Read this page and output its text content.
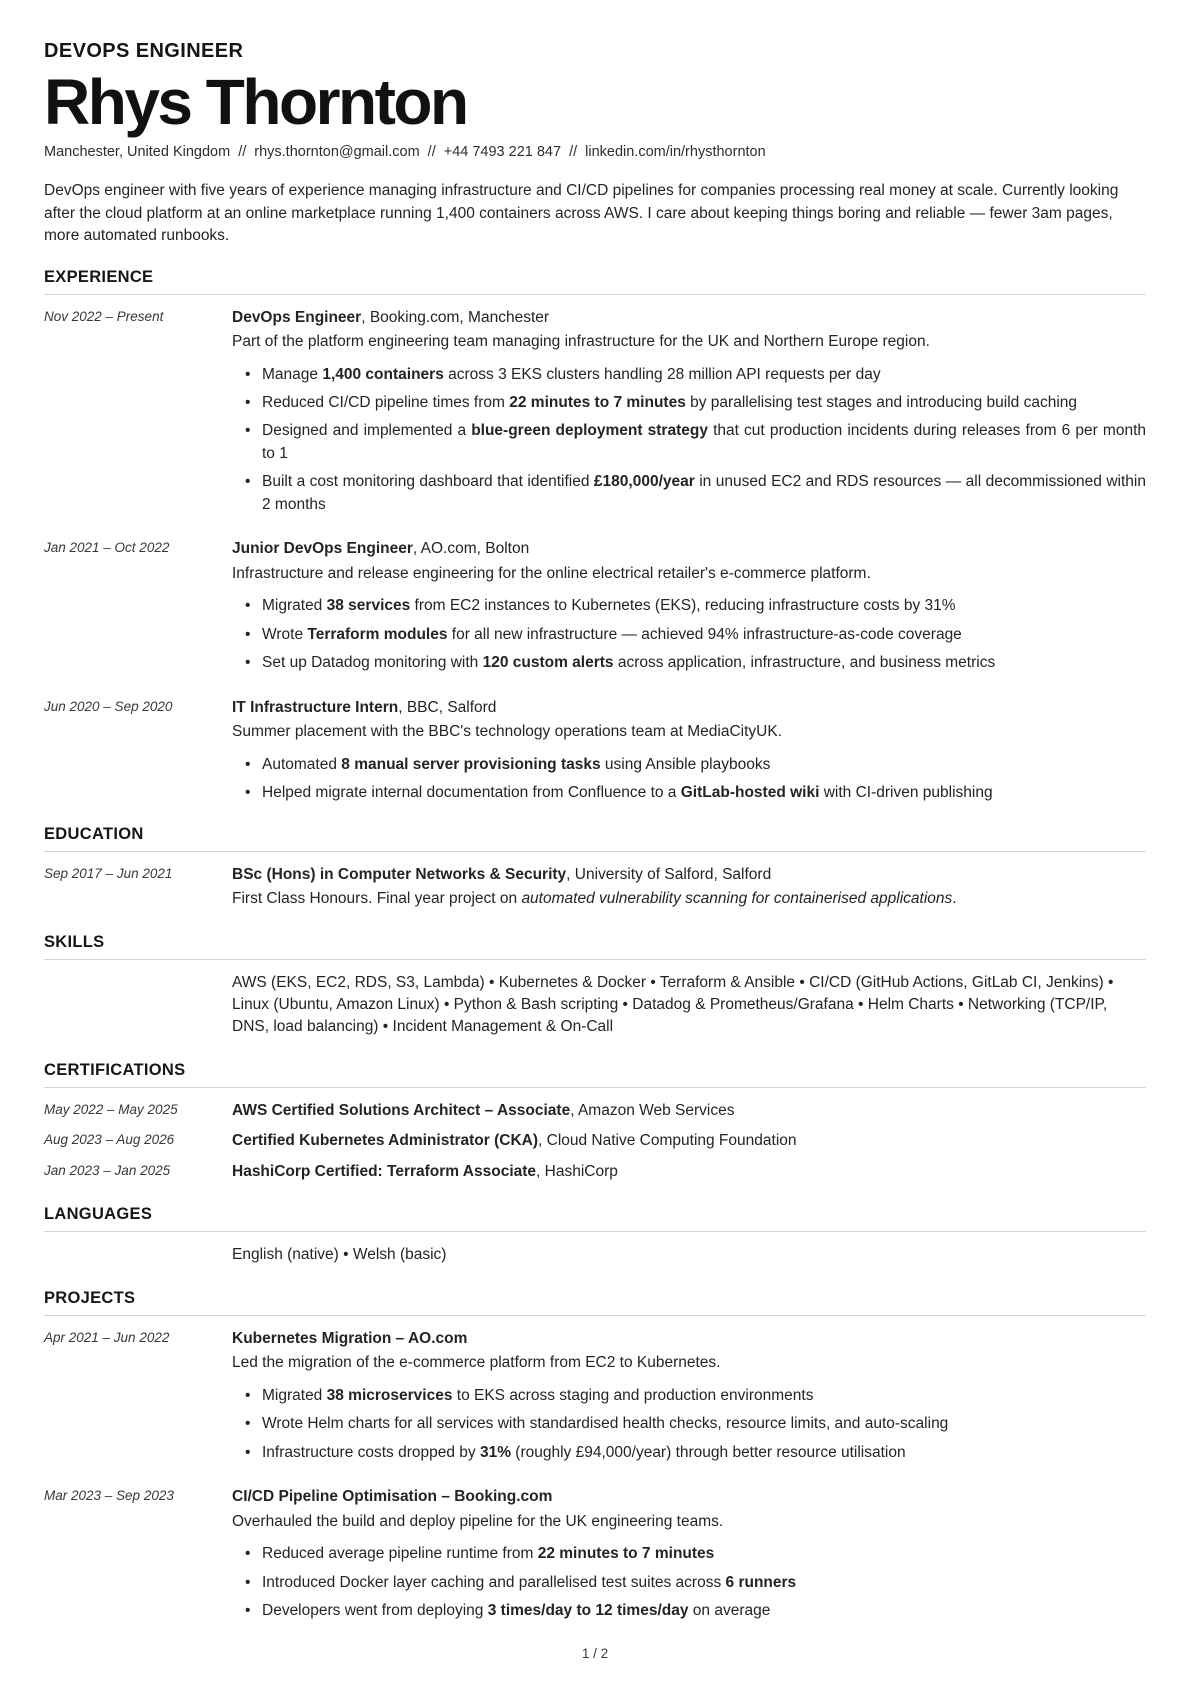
DEVOPS ENGINEER
Rhys Thornton
Manchester, United Kingdom // rhys.thornton@gmail.com // +44 7493 221 847 // linkedin.com/in/rhysthornton

DevOps engineer with five years of experience managing infrastructure and CI/CD pipelines for companies processing real money at scale. Currently looking after the cloud platform at an online marketplace running 1,400 containers across AWS. I care about keeping things boring and reliable — fewer 3am pages, more automated runbooks.

EXPERIENCE
Nov 2022 – Present	DevOps Engineer, Booking.com, Manchester
Part of the platform engineering team managing infrastructure for the UK and Northern Europe region.
• Manage 1,400 containers across 3 EKS clusters handling 28 million API requests per day
• Reduced CI/CD pipeline times from 22 minutes to 7 minutes by parallelising test stages and introducing build caching
• Designed and implemented a blue-green deployment strategy that cut production incidents during releases from 6 per month to 1
• Built a cost monitoring dashboard that identified £180,000/year in unused EC2 and RDS resources — all decommissioned within 2 months
Jan 2021 – Oct 2022	Junior DevOps Engineer, AO.com, Bolton
Infrastructure and release engineering for the online electrical retailer's e-commerce platform.
• Migrated 38 services from EC2 instances to Kubernetes (EKS), reducing infrastructure costs by 31%
• Wrote Terraform modules for all new infrastructure — achieved 94% infrastructure-as-code coverage
• Set up Datadog monitoring with 120 custom alerts across application, infrastructure, and business metrics
Jun 2020 – Sep 2020	IT Infrastructure Intern, BBC, Salford
Summer placement with the BBC's technology operations team at MediaCityUK.
• Automated 8 manual server provisioning tasks using Ansible playbooks
• Helped migrate internal documentation from Confluence to a GitLab-hosted wiki with CI-driven publishing
EDUCATION
Sep 2017 – Jun 2021	BSc (Hons) in Computer Networks & Security, University of Salford, Salford
First Class Honours. Final year project on automated vulnerability scanning for containerised applications.
SKILLS
AWS (EKS, EC2, RDS, S3, Lambda) • Kubernetes & Docker • Terraform & Ansible • CI/CD (GitHub Actions, GitLab CI, Jenkins) • Linux (Ubuntu, Amazon Linux) • Python & Bash scripting • Datadog & Prometheus/Grafana • Helm Charts • Networking (TCP/IP, DNS, load balancing) • Incident Management & On-Call
CERTIFICATIONS
May 2022 – May 2025	AWS Certified Solutions Architect – Associate, Amazon Web Services
Aug 2023 – Aug 2026	Certified Kubernetes Administrator (CKA), Cloud Native Computing Foundation
Jan 2023 – Jan 2025	HashiCorp Certified: Terraform Associate, HashiCorp
LANGUAGES
English (native) • Welsh (basic)
PROJECTS
Apr 2021 – Jun 2022	Kubernetes Migration – AO.com
Led the migration of the e-commerce platform from EC2 to Kubernetes.
• Migrated 38 microservices to EKS across staging and production environments
• Wrote Helm charts for all services with standardised health checks, resource limits, and auto-scaling
• Infrastructure costs dropped by 31% (roughly £94,000/year) through better resource utilisation
Mar 2023 – Sep 2023	CI/CD Pipeline Optimisation – Booking.com
Overhauled the build and deploy pipeline for the UK engineering teams.
• Reduced average pipeline runtime from 22 minutes to 7 minutes
• Introduced Docker layer caching and parallelised test suites across 6 runners
• Developers went from deploying 3 times/day to 12 times/day on average
1 / 2
